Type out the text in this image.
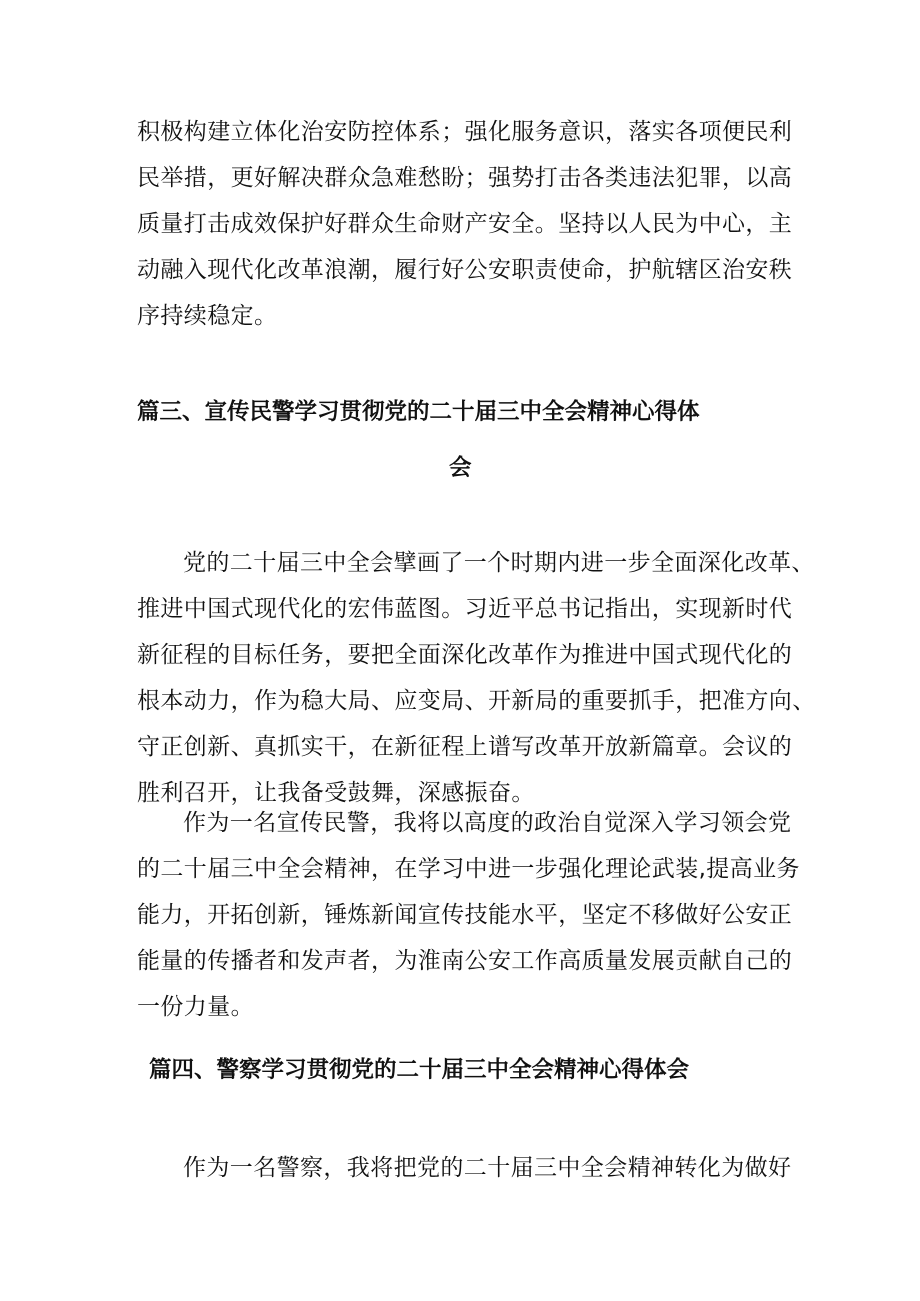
积极构建立体化治安防控体系；强化服务意识，落实各项便民利
民举措，更好解决群众急难愁盼；强势打击各类违法犯罪，以高
质量打击成效保护好群众生命财产安全。坚持以人民为中心，主
动融入现代化改革浪潮，履行好公安职责使命，护航辖区治安秩
序持续稳定。
篇三、宣传民警学习贯彻党的二十届三中全会精神心得体
会
党的二十届三中全会擘画了一个时期内进一步全面深化改革、
推进中国式现代化的宏伟蓝图。习近平总书记指出，实现新时代
新征程的目标任务，要把全面深化改革作为推进中国式现代化的
根本动力，作为稳大局、应变局、开新局的重要抓手，把准方向、
守正创新、真抓实干，在新征程上谱写改革开放新篇章。会议的
胜利召开，让我备受鼓舞，深感振奋。
作为一名宣传民警，我将以高度的政治自觉深入学习领会党
的二十届三中全会精神，在学习中进一步强化理论武装,提高业务
能力，开拓创新，锤炼新闻宣传技能水平，坚定不移做好公安正
能量的传播者和发声者，为淮南公安工作高质量发展贡献自己的
一份力量。
篇四、警察学习贯彻党的二十届三中全会精神心得体会
作为一名警察，我将把党的二十届三中全会精神转化为做好
